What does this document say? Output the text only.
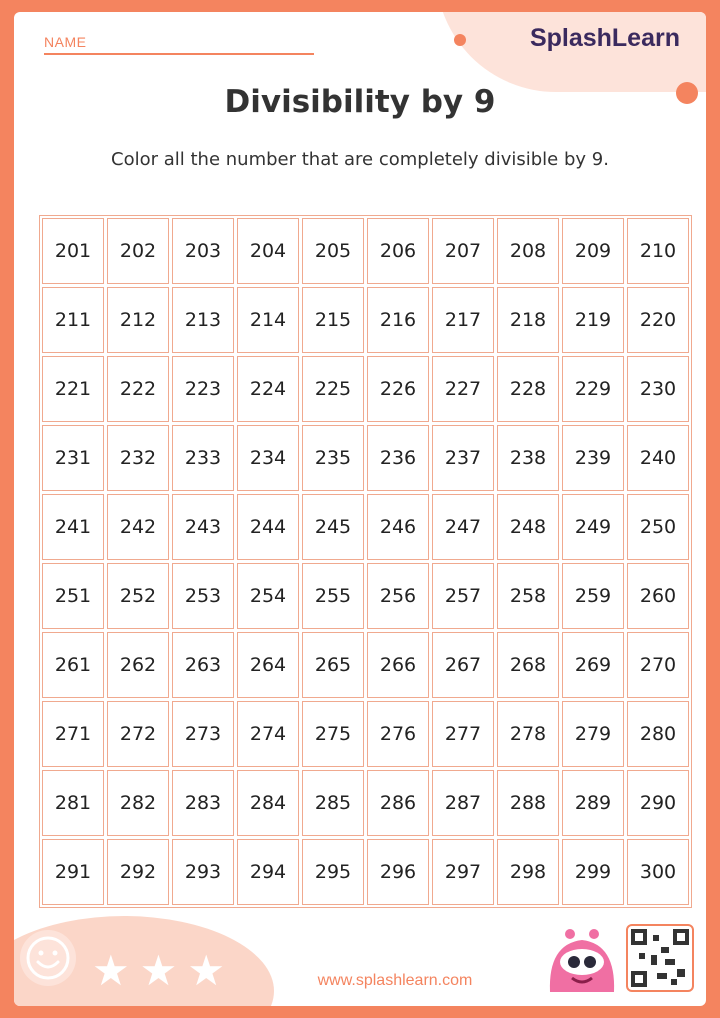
NAME	SplashLearn
Divisibility by 9
Color all the number that are completely divisible by 9.
201	202	203	204	205	206	207	208	209	210
211	212	213	214	215	216	217	218	219	220
221	222	223	224	225	226	227	228	229	230
231	232	233	234	235	236	237	238	239	240
241	242	243	244	245	246	247	248	249	250
251	252	253	254	255	256	257	258	259	260
261	262	263	264	265	266	267	268	269	270
271	272	273	274	275	276	277	278	279	280
281	282	283	284	285	286	287	288	289	290
291	292	293	294	295	296	297	298	299	300
★ ★ ★	www.splashlearn.com
